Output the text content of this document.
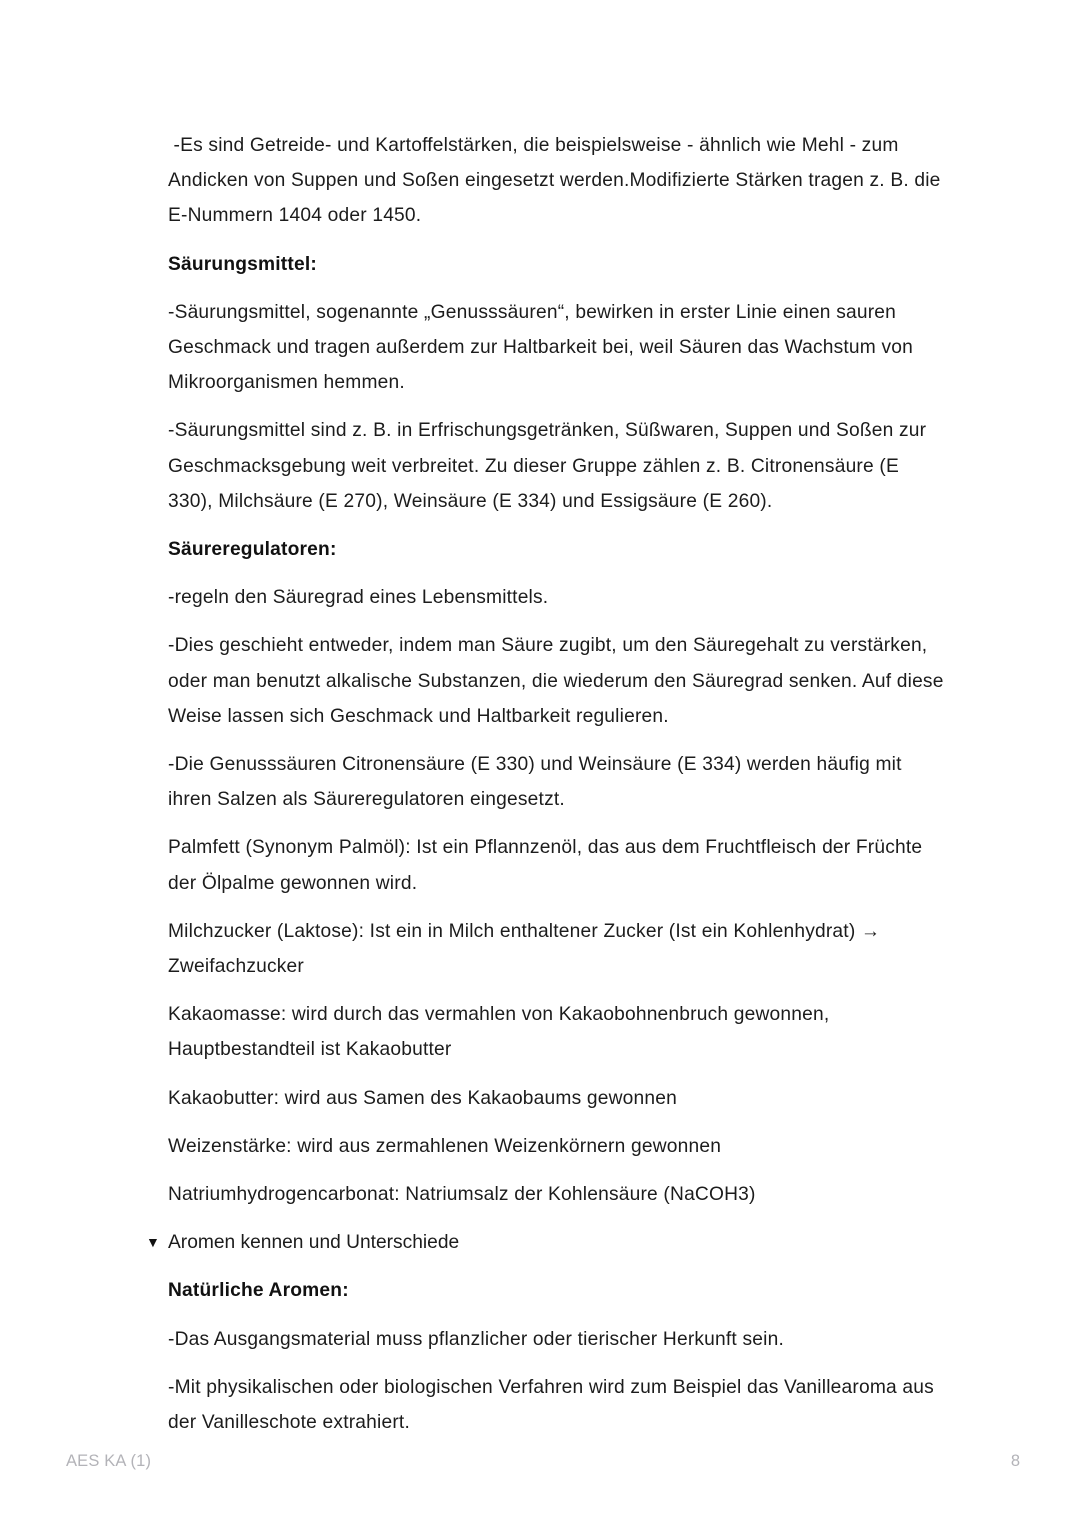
-Es sind Getreide- und Kartoffelstärken, die beispielsweise - ähnlich wie Mehl - zum Andicken von Suppen und Soßen eingesetzt werden.Modifizierte Stärken tragen z. B. die E-Nummern 1404 oder 1450.

Säurungsmittel:

-Säurungsmittel, sogenannte „Genusssäuren“, bewirken in erster Linie einen sauren Geschmack und tragen außerdem zur Haltbarkeit bei, weil Säuren das Wachstum von Mikroorganismen hemmen.

-Säurungsmittel sind z. B. in Erfrischungsgetränken, Süßwaren, Suppen und Soßen zur Geschmacksgebung weit verbreitet. Zu dieser Gruppe zählen z. B. Citronensäure (E 330), Milchsäure (E 270), Weinsäure (E 334) und Essigsäure (E 260).

Säureregulatoren:

-regeln den Säuregrad eines Lebensmittels.

-Dies geschieht entweder, indem man Säure zugibt, um den Säuregehalt zu verstärken, oder man benutzt alkalische Substanzen, die wiederum den Säuregrad senken. Auf diese Weise lassen sich Geschmack und Haltbarkeit regulieren.

-Die Genusssäuren Citronensäure (E 330) und Weinsäure (E 334) werden häufig mit ihren Salzen als Säureregulatoren eingesetzt.

Palmfett (Synonym Palmöl): Ist ein Pflannzenöl, das aus dem Fruchtfleisch der Früchte der Ölpalme gewonnen wird.

Milchzucker (Laktose): Ist ein in Milch enthaltener Zucker (Ist ein Kohlenhydrat) → Zweifachzucker

Kakaomasse: wird durch das vermahlen von Kakaobohnenbruch gewonnen, Hauptbestandteil ist Kakaobutter

Kakaobutter: wird aus Samen des Kakaobaums gewonnen

Weizenstärke: wird aus zermahlenen Weizenkörnern gewonnen

Natriumhydrogencarbonat: Natriumsalz der Kohlensäure (NaCOH3)

▼ Aromen kennen und Unterschiede

Natürliche Aromen:

-Das Ausgangsmaterial muss pflanzlicher oder tierischer Herkunft sein.

-Mit physikalischen oder biologischen Verfahren wird zum Beispiel das Vanillearoma aus der Vanilleschote extrahiert.

AES KA (1)	8
